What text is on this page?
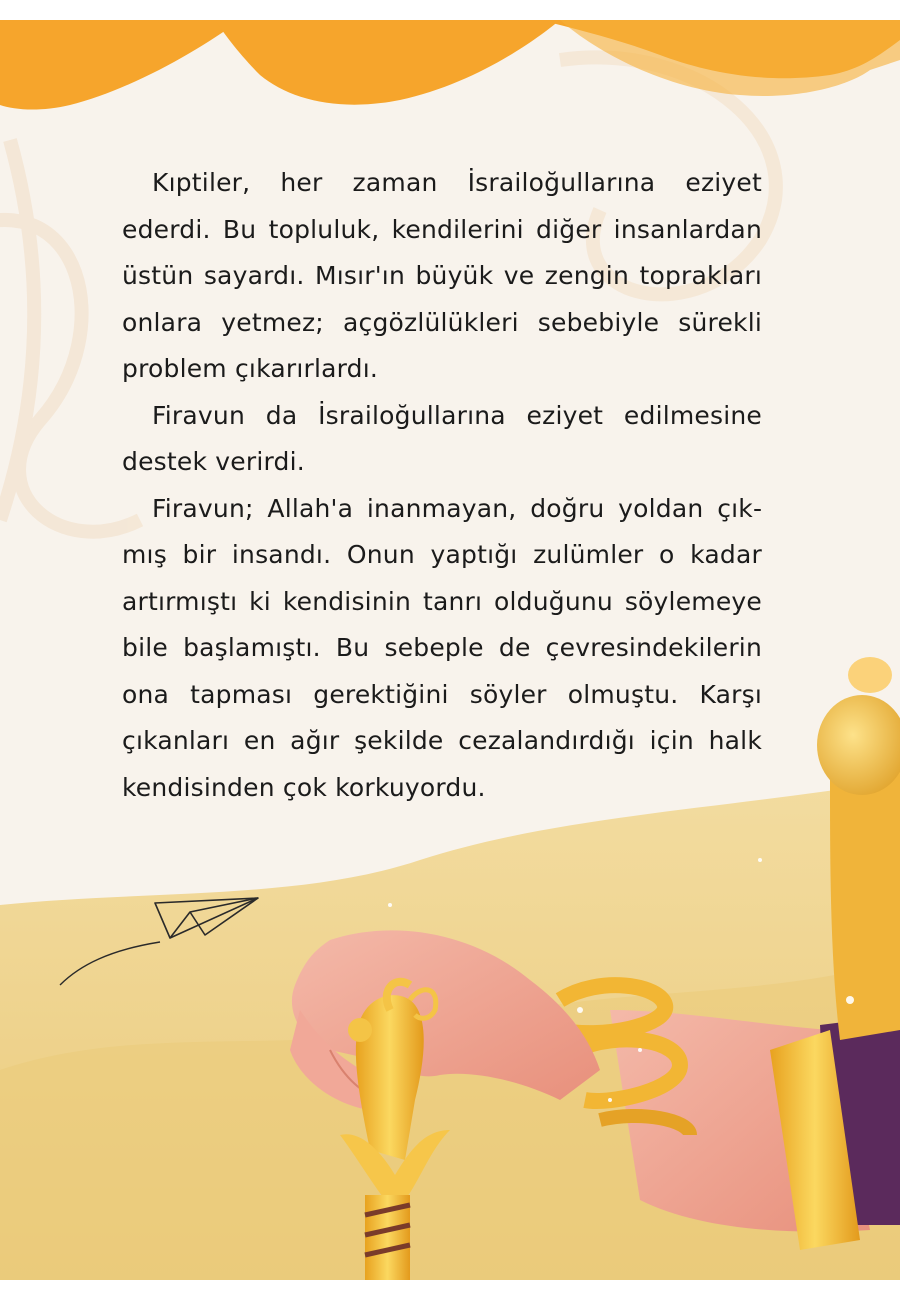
Kıptiler, her zaman İsrailoğullarına eziyet ederdi. Bu topluluk, kendilerini diğer insanlardan üstün sayardı. Mısır'ın büyük ve zengin toprakları onlara yetmez; açgözlülükleri sebebiyle sürekli problem çıkarırlardı.

Firavun da İsrailoğullarına eziyet edilmesine destek verirdi.

Firavun; Allah'a inanmayan, doğru yoldan çıkmış bir insandı. Onun yaptığı zulümler o kadar artırmıştı ki kendisinin tanrı olduğunu söylemeye bile başlamıştı. Bu sebeple de çevresindekilerin ona tapması gerektiğini söyler olmuştu. Karşı çıkanları en ağır şekilde cezalandırdığı için halk kendisinden çok korkuyordu.
